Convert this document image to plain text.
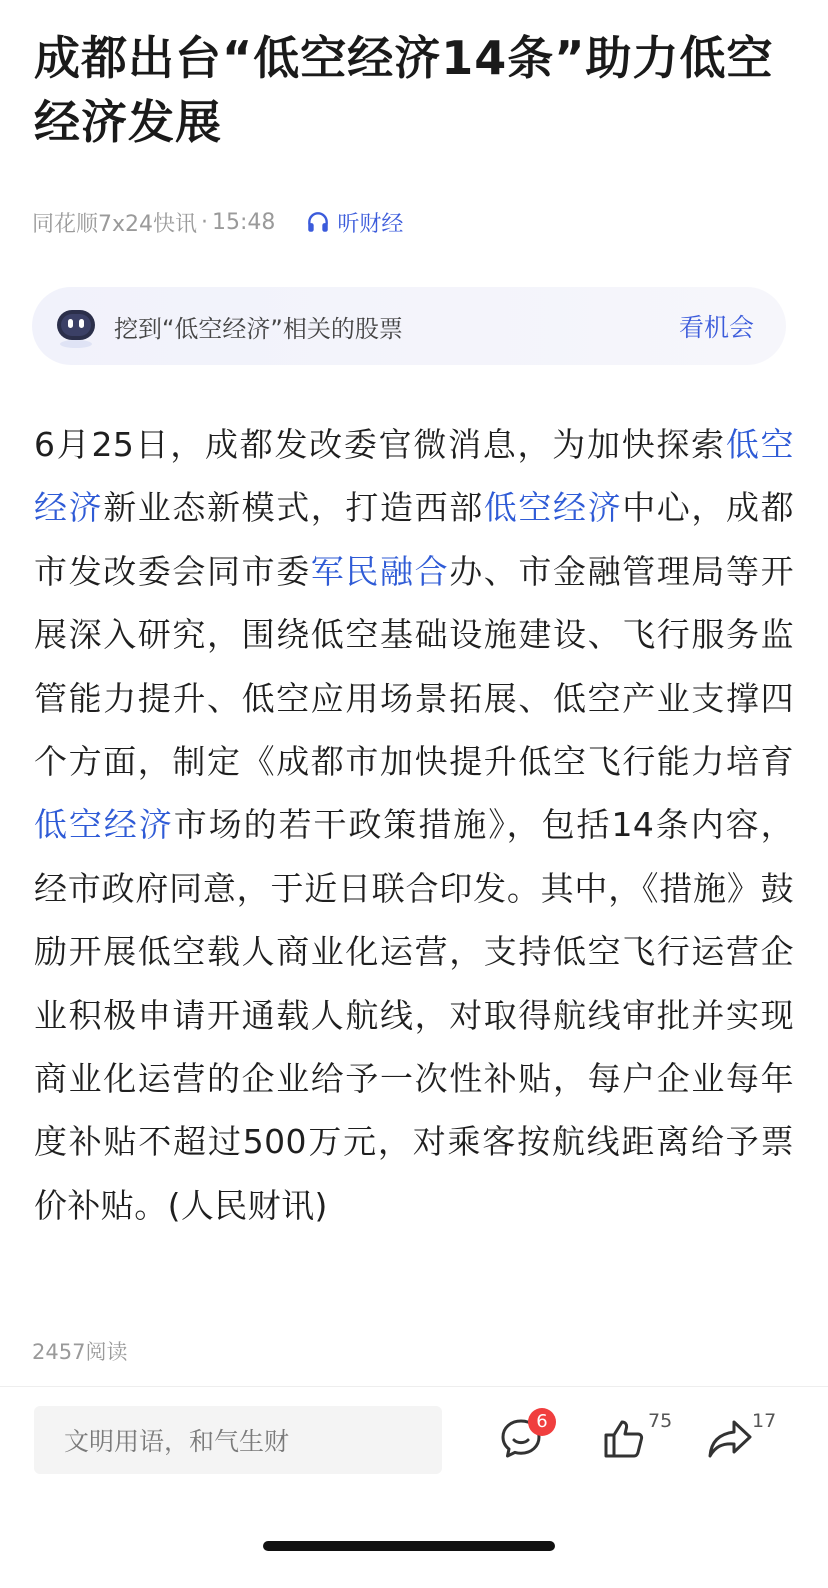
成都出台“低空经济14条”助力低空经济发展
同花顺7x24快讯 · 15:48	听财经
挖到“低空经济”相关的股票	看机会
6月25日，成都发改委官微消息，为加快探索低空经济新业态新模式，打造西部低空经济中心，成都市发改委会同市委军民融合办、市金融管理局等开展深入研究，围绕低空基础设施建设、飞行服务监管能力提升、低空应用场景拓展、低空产业支撑四个方面，制定《成都市加快提升低空飞行能力培育低空经济市场的若干政策措施》，包括14条内容，经市政府同意，于近日联合印发。其中，《措施》鼓励开展低空载人商业化运营，支持低空飞行运营企业积极申请开通载人航线，对取得航线审批并实现商业化运营的企业给予一次性补贴，每户企业每年度补贴不超过500万元，对乘客按航线距离给予票价补贴。(人民财讯)
2457阅读
文明用语，和气生财
6	75	17
